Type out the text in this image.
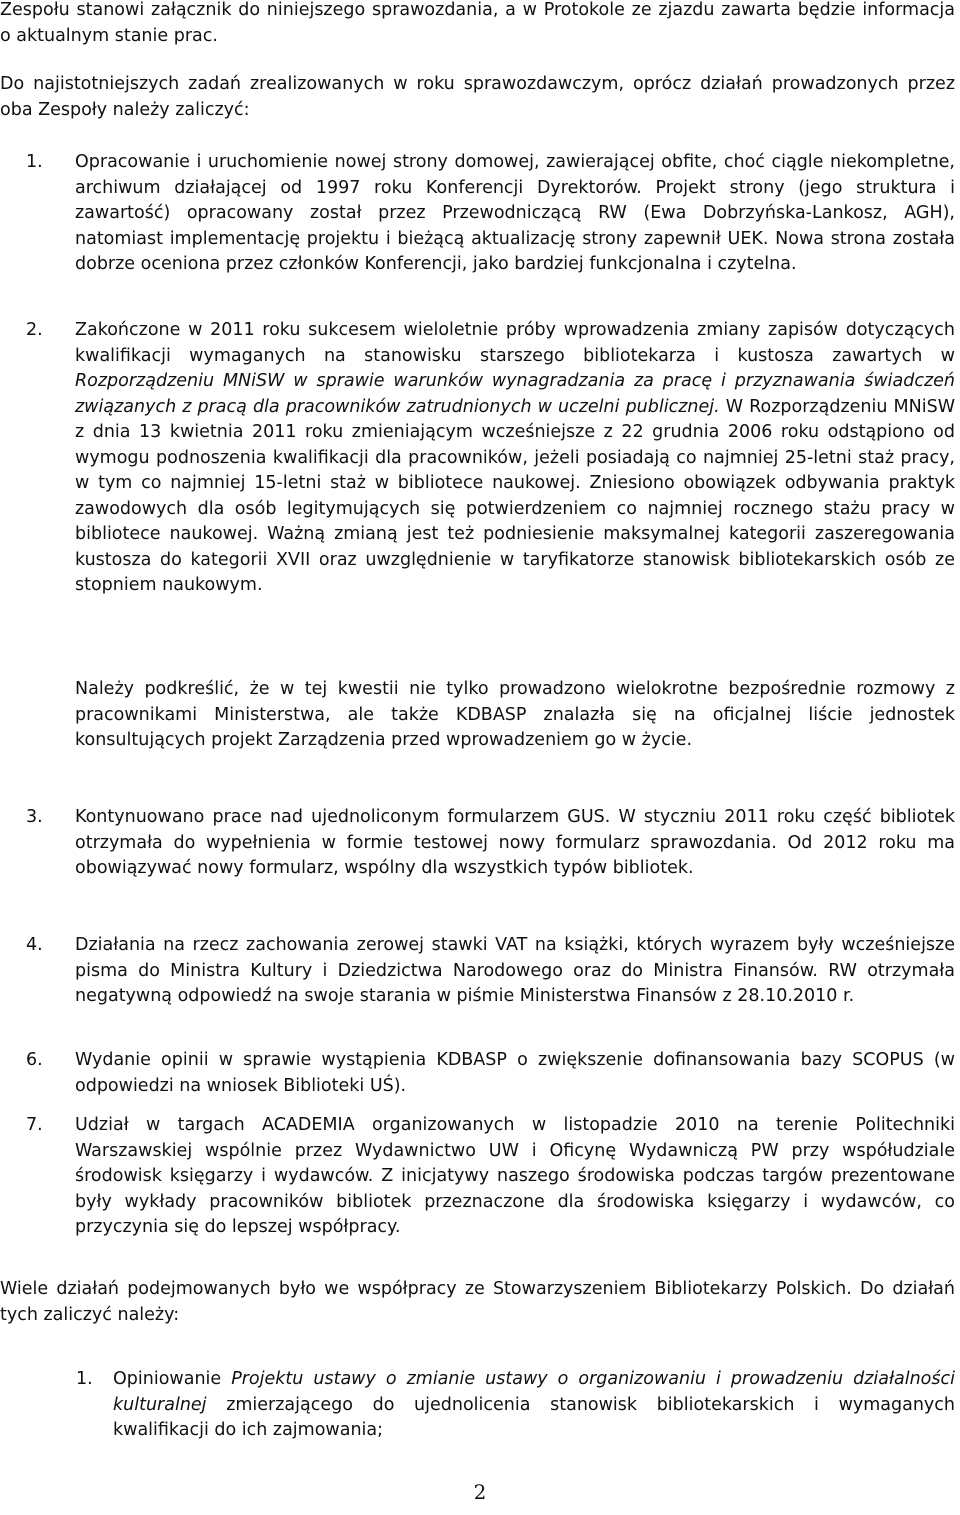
Zespołu stanowi załącznik do niniejszego sprawozdania, a w Protokole ze zjazdu zawarta będzie informacja o aktualnym stanie prac.

Do najistotniejszych zadań zrealizowanych w roku sprawozdawczym, oprócz działań prowadzonych przez oba Zespoły należy zaliczyć:

1.	Opracowanie i uruchomienie nowej strony domowej, zawierającej obfite, choć ciągle niekompletne, archiwum działającej od 1997 roku Konferencji Dyrektorów. Projekt strony (jego struktura i zawartość) opracowany został przez Przewodniczącą RW (Ewa Dobrzyńska-Lankosz, AGH), natomiast implementację projektu i bieżącą aktualizację strony zapewnił UEK. Nowa strona została dobrze oceniona przez członków Konferencji, jako bardziej funkcjonalna i czytelna.

2.	Zakończone w 2011 roku sukcesem wieloletnie próby wprowadzenia zmiany zapisów dotyczących kwalifikacji wymaganych na stanowisku starszego bibliotekarza i kustosza zawartych w Rozporządzeniu MNiSW w sprawie warunków wynagradzania za pracę i przyznawania świadczeń związanych z pracą dla pracowników zatrudnionych w uczelni publicznej. W Rozporządzeniu MNiSW z dnia 13 kwietnia 2011 roku zmieniającym wcześniejsze z 22 grudnia 2006 roku odstąpiono od wymogu podnoszenia kwalifikacji dla pracowników, jeżeli posiadają co najmniej 25-letni staż pracy, w tym co najmniej 15-letni staż w bibliotece naukowej. Zniesiono obowiązek odbywania praktyk zawodowych dla osób legitymujących się potwierdzeniem co najmniej rocznego stażu pracy w bibliotece naukowej. Ważną zmianą jest też podniesienie maksymalnej kategorii zaszeregowania kustosza do kategorii XVII oraz uwzględnienie w taryfikatorze stanowisk bibliotekarskich osób ze stopniem naukowym.

Należy podkreślić, że w tej kwestii nie tylko prowadzono wielokrotne bezpośrednie rozmowy z pracownikami Ministerstwa, ale także KDBASP znalazła się na oficjalnej liście jednostek konsultujących projekt Zarządzenia przed wprowadzeniem go w życie.

3.	Kontynuowano prace nad ujednoliconym formularzem GUS. W styczniu 2011 roku część bibliotek otrzymała do wypełnienia w formie testowej nowy formularz sprawozdania. Od 2012 roku ma obowiązywać nowy formularz, wspólny dla wszystkich typów bibliotek.

4.	Działania na rzecz zachowania zerowej stawki VAT na książki, których wyrazem były wcześniejsze pisma do Ministra Kultury i Dziedzictwa Narodowego oraz do Ministra Finansów. RW otrzymała negatywną odpowiedź na swoje starania w piśmie Ministerstwa Finansów z 28.10.2010 r.

6.	Wydanie opinii w sprawie wystąpienia KDBASP o zwiększenie dofinansowania bazy SCOPUS (w odpowiedzi na wniosek Biblioteki UŚ).

7.	Udział w targach ACADEMIA organizowanych w listopadzie 2010 na terenie Politechniki Warszawskiej wspólnie przez Wydawnictwo UW i Oficynę Wydawniczą PW przy współudziale środowisk księgarzy i wydawców. Z inicjatywy naszego środowiska podczas targów prezentowane były wykłady pracowników bibliotek przeznaczone dla środowiska księgarzy i wydawców, co przyczynia się do lepszej współpracy.

Wiele działań podejmowanych było we współpracy ze Stowarzyszeniem Bibliotekarzy Polskich. Do działań tych zaliczyć należy:

1.	Opiniowanie Projektu ustawy o zmianie ustawy o organizowaniu i prowadzeniu działalności kulturalnej zmierzającego do ujednolicenia stanowisk bibliotekarskich i wymaganych kwalifikacji do ich zajmowania;

2
